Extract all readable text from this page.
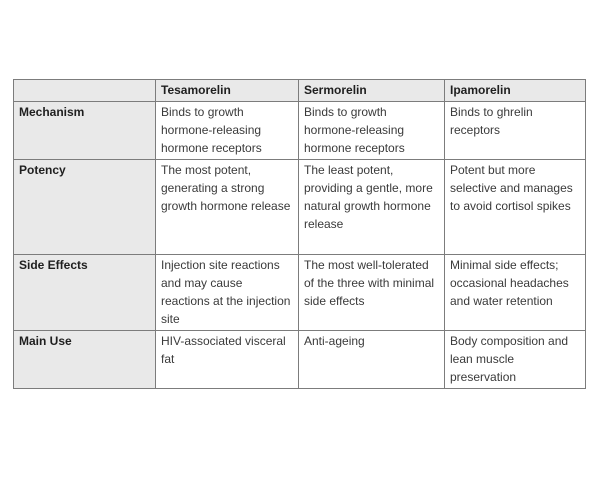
	Tesamorelin	Sermorelin	Ipamorelin
Mechanism	Binds to growth hormone-releasing hormone receptors	Binds to growth hormone-releasing hormone receptors	Binds to ghrelin receptors
Potency	The most potent, generating a strong growth hormone release	The least potent, providing a gentle, more natural growth hormone release	Potent but more selective and manages to avoid cortisol spikes
Side Effects	Injection site reactions and may cause reactions at the injection site	The most well-tolerated of the three with minimal side effects	Minimal side effects; occasional headaches and water retention
Main Use	HIV-associated visceral fat	Anti-ageing	Body composition and lean muscle preservation
